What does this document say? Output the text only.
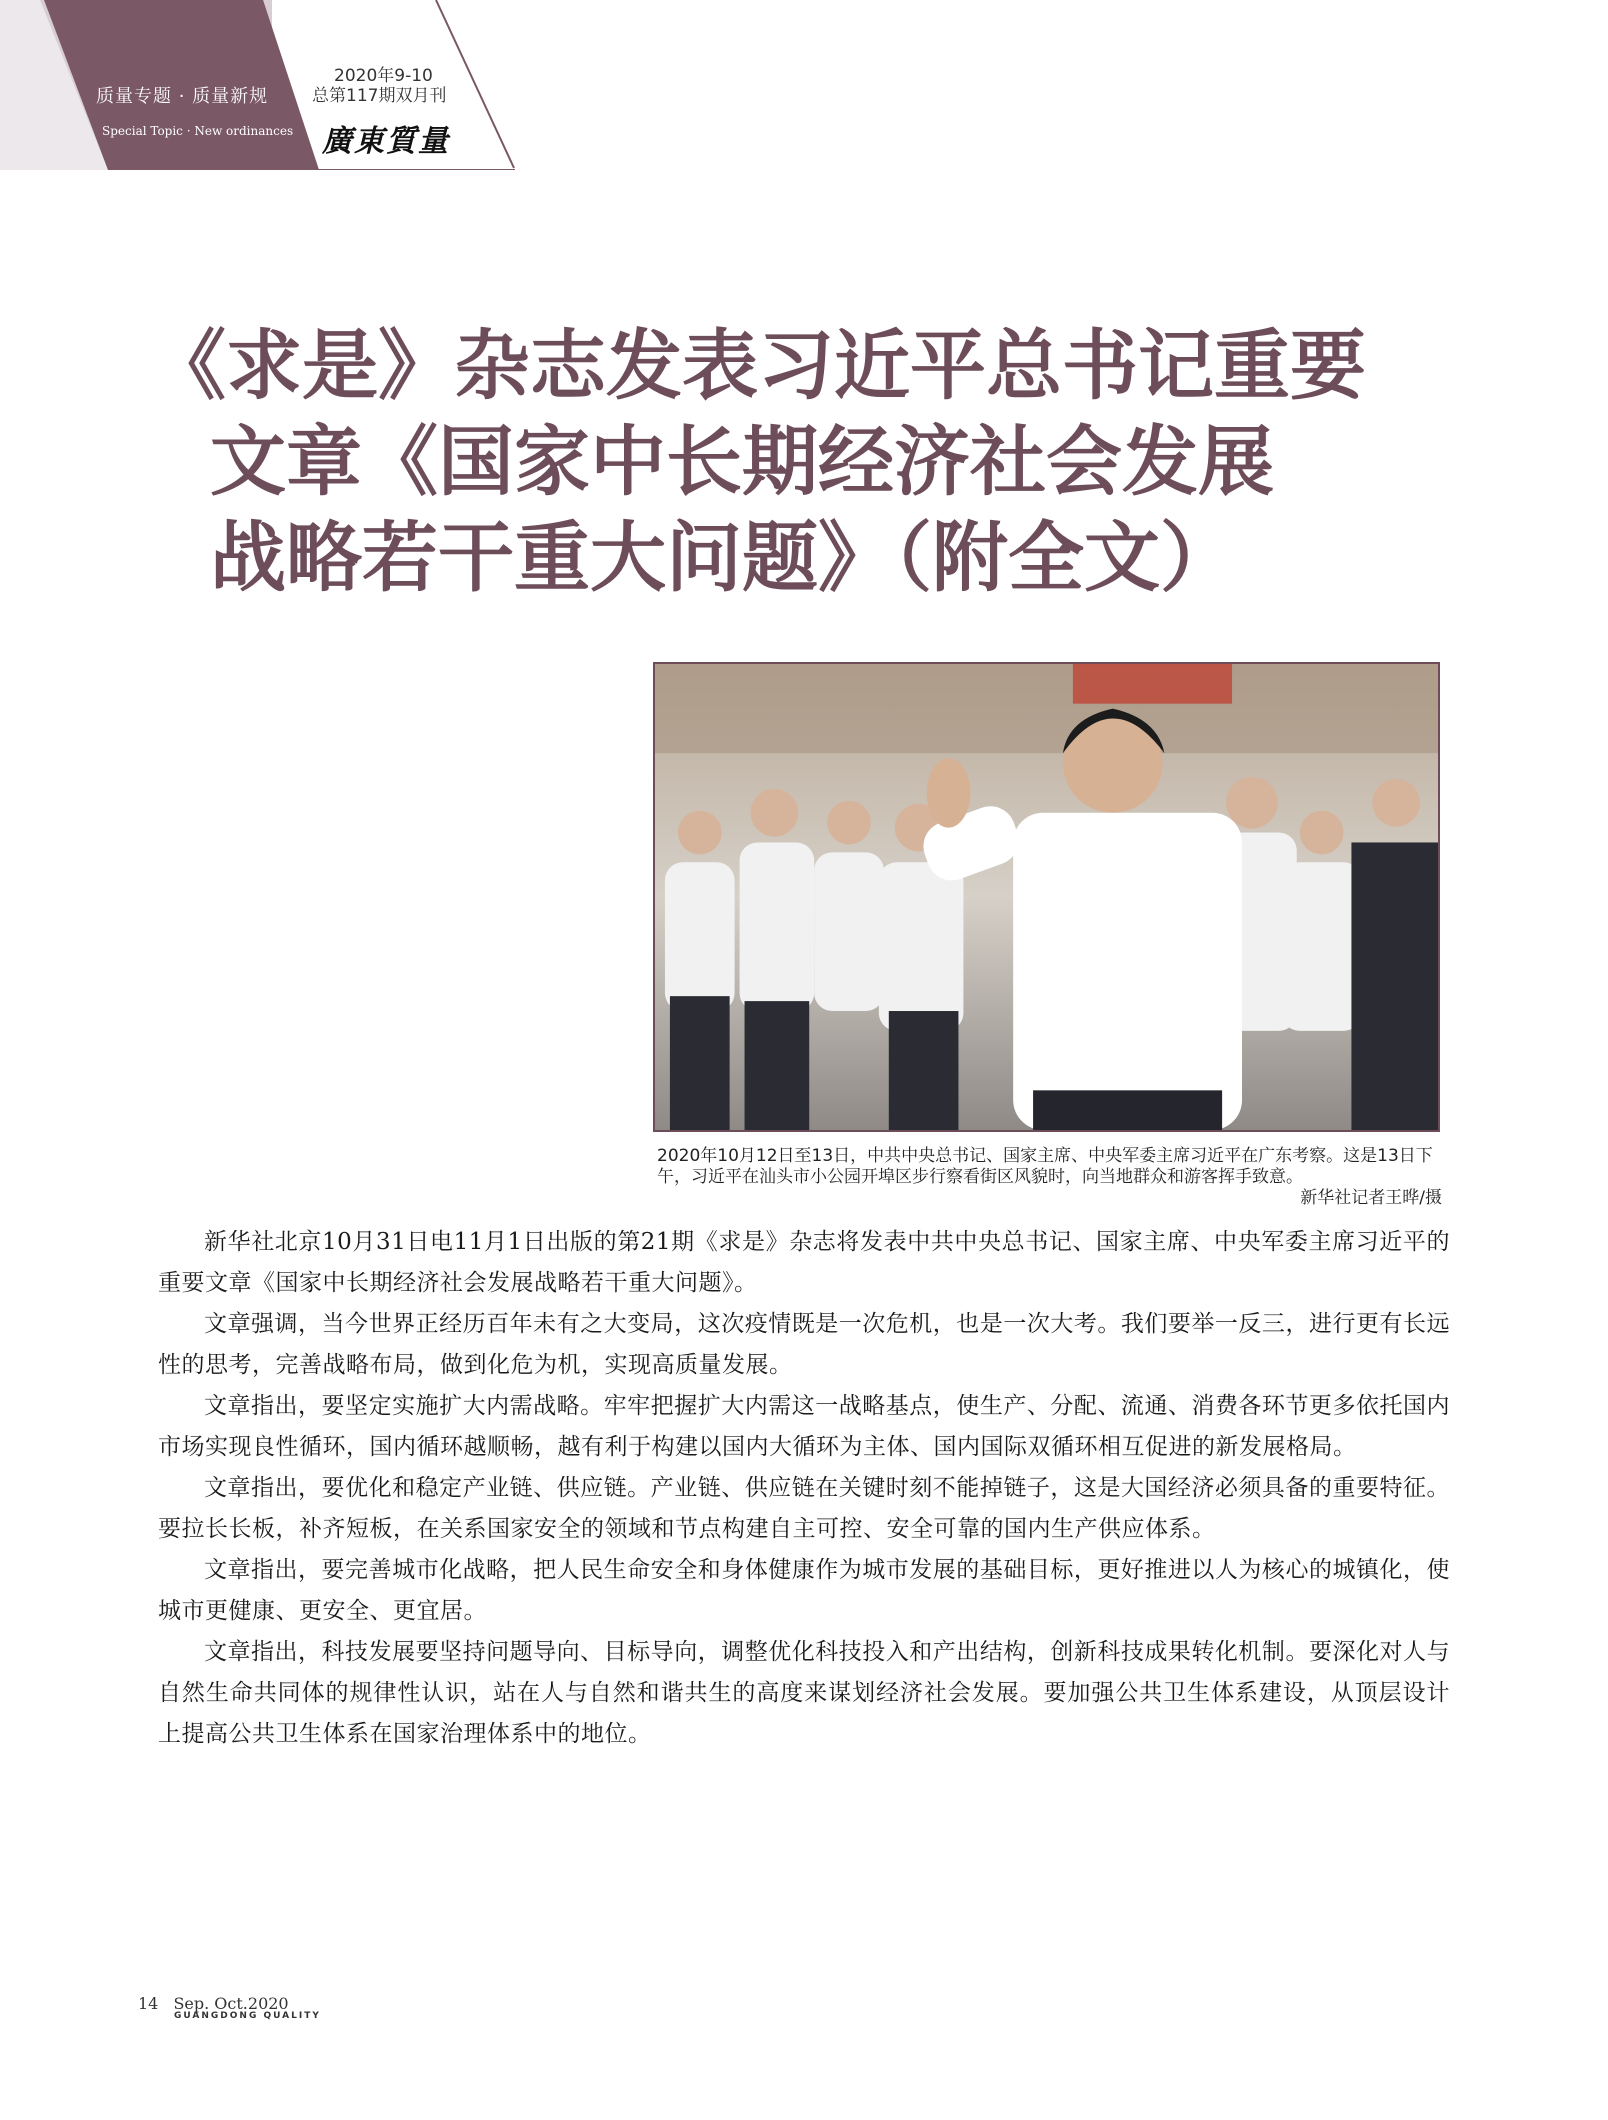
质量专题 · 质量新规
Special Topic · New ordinances
2020年9-10
总第117期双月刊
廣東質量
《求是》杂志发表习近平总书记重要
文章《国家中长期经济社会发展
战略若干重大问题》（附全文）

2020年10月12日至13日，中共中央总书记、国家主席、中央军委主席习近平在广东考察。这是13日下午，习近平在汕头市小公园开埠区步行察看街区风貌时，向当地群众和游客挥手致意。

新华社记者王晔/摄

新华社北京10月31日电11月1日出版的第21期《求是》杂志将发表中共中央总书记、国家主席、中央军委主席习近平的重要文章《国家中长期经济社会发展战略若干重大问题》。

文章强调，当今世界正经历百年未有之大变局，这次疫情既是一次危机，也是一次大考。我们要举一反三，进行更有长远性的思考，完善战略布局，做到化危为机，实现高质量发展。

文章指出，要坚定实施扩大内需战略。牢牢把握扩大内需这一战略基点，使生产、分配、流通、消费各环节更多依托国内市场实现良性循环，国内循环越顺畅，越有利于构建以国内大循环为主体、国内国际双循环相互促进的新发展格局。

文章指出，要优化和稳定产业链、供应链。产业链、供应链在关键时刻不能掉链子，这是大国经济必须具备的重要特征。要拉长长板，补齐短板，在关系国家安全的领域和节点构建自主可控、安全可靠的国内生产供应体系。

文章指出，要完善城市化战略，把人民生命安全和身体健康作为城市发展的基础目标，更好推进以人为核心的城镇化，使城市更健康、更安全、更宜居。

文章指出，科技发展要坚持问题导向、目标导向，调整优化科技投入和产出结构，创新科技成果转化机制。要深化对人与自然生命共同体的规律性认识，站在人与自然和谐共生的高度来谋划经济社会发展。要加强公共卫生体系建设，从顶层设计上提高公共卫生体系在国家治理体系中的地位。

14 Sep. Oct.2020
GUANGDONG QUALITY
